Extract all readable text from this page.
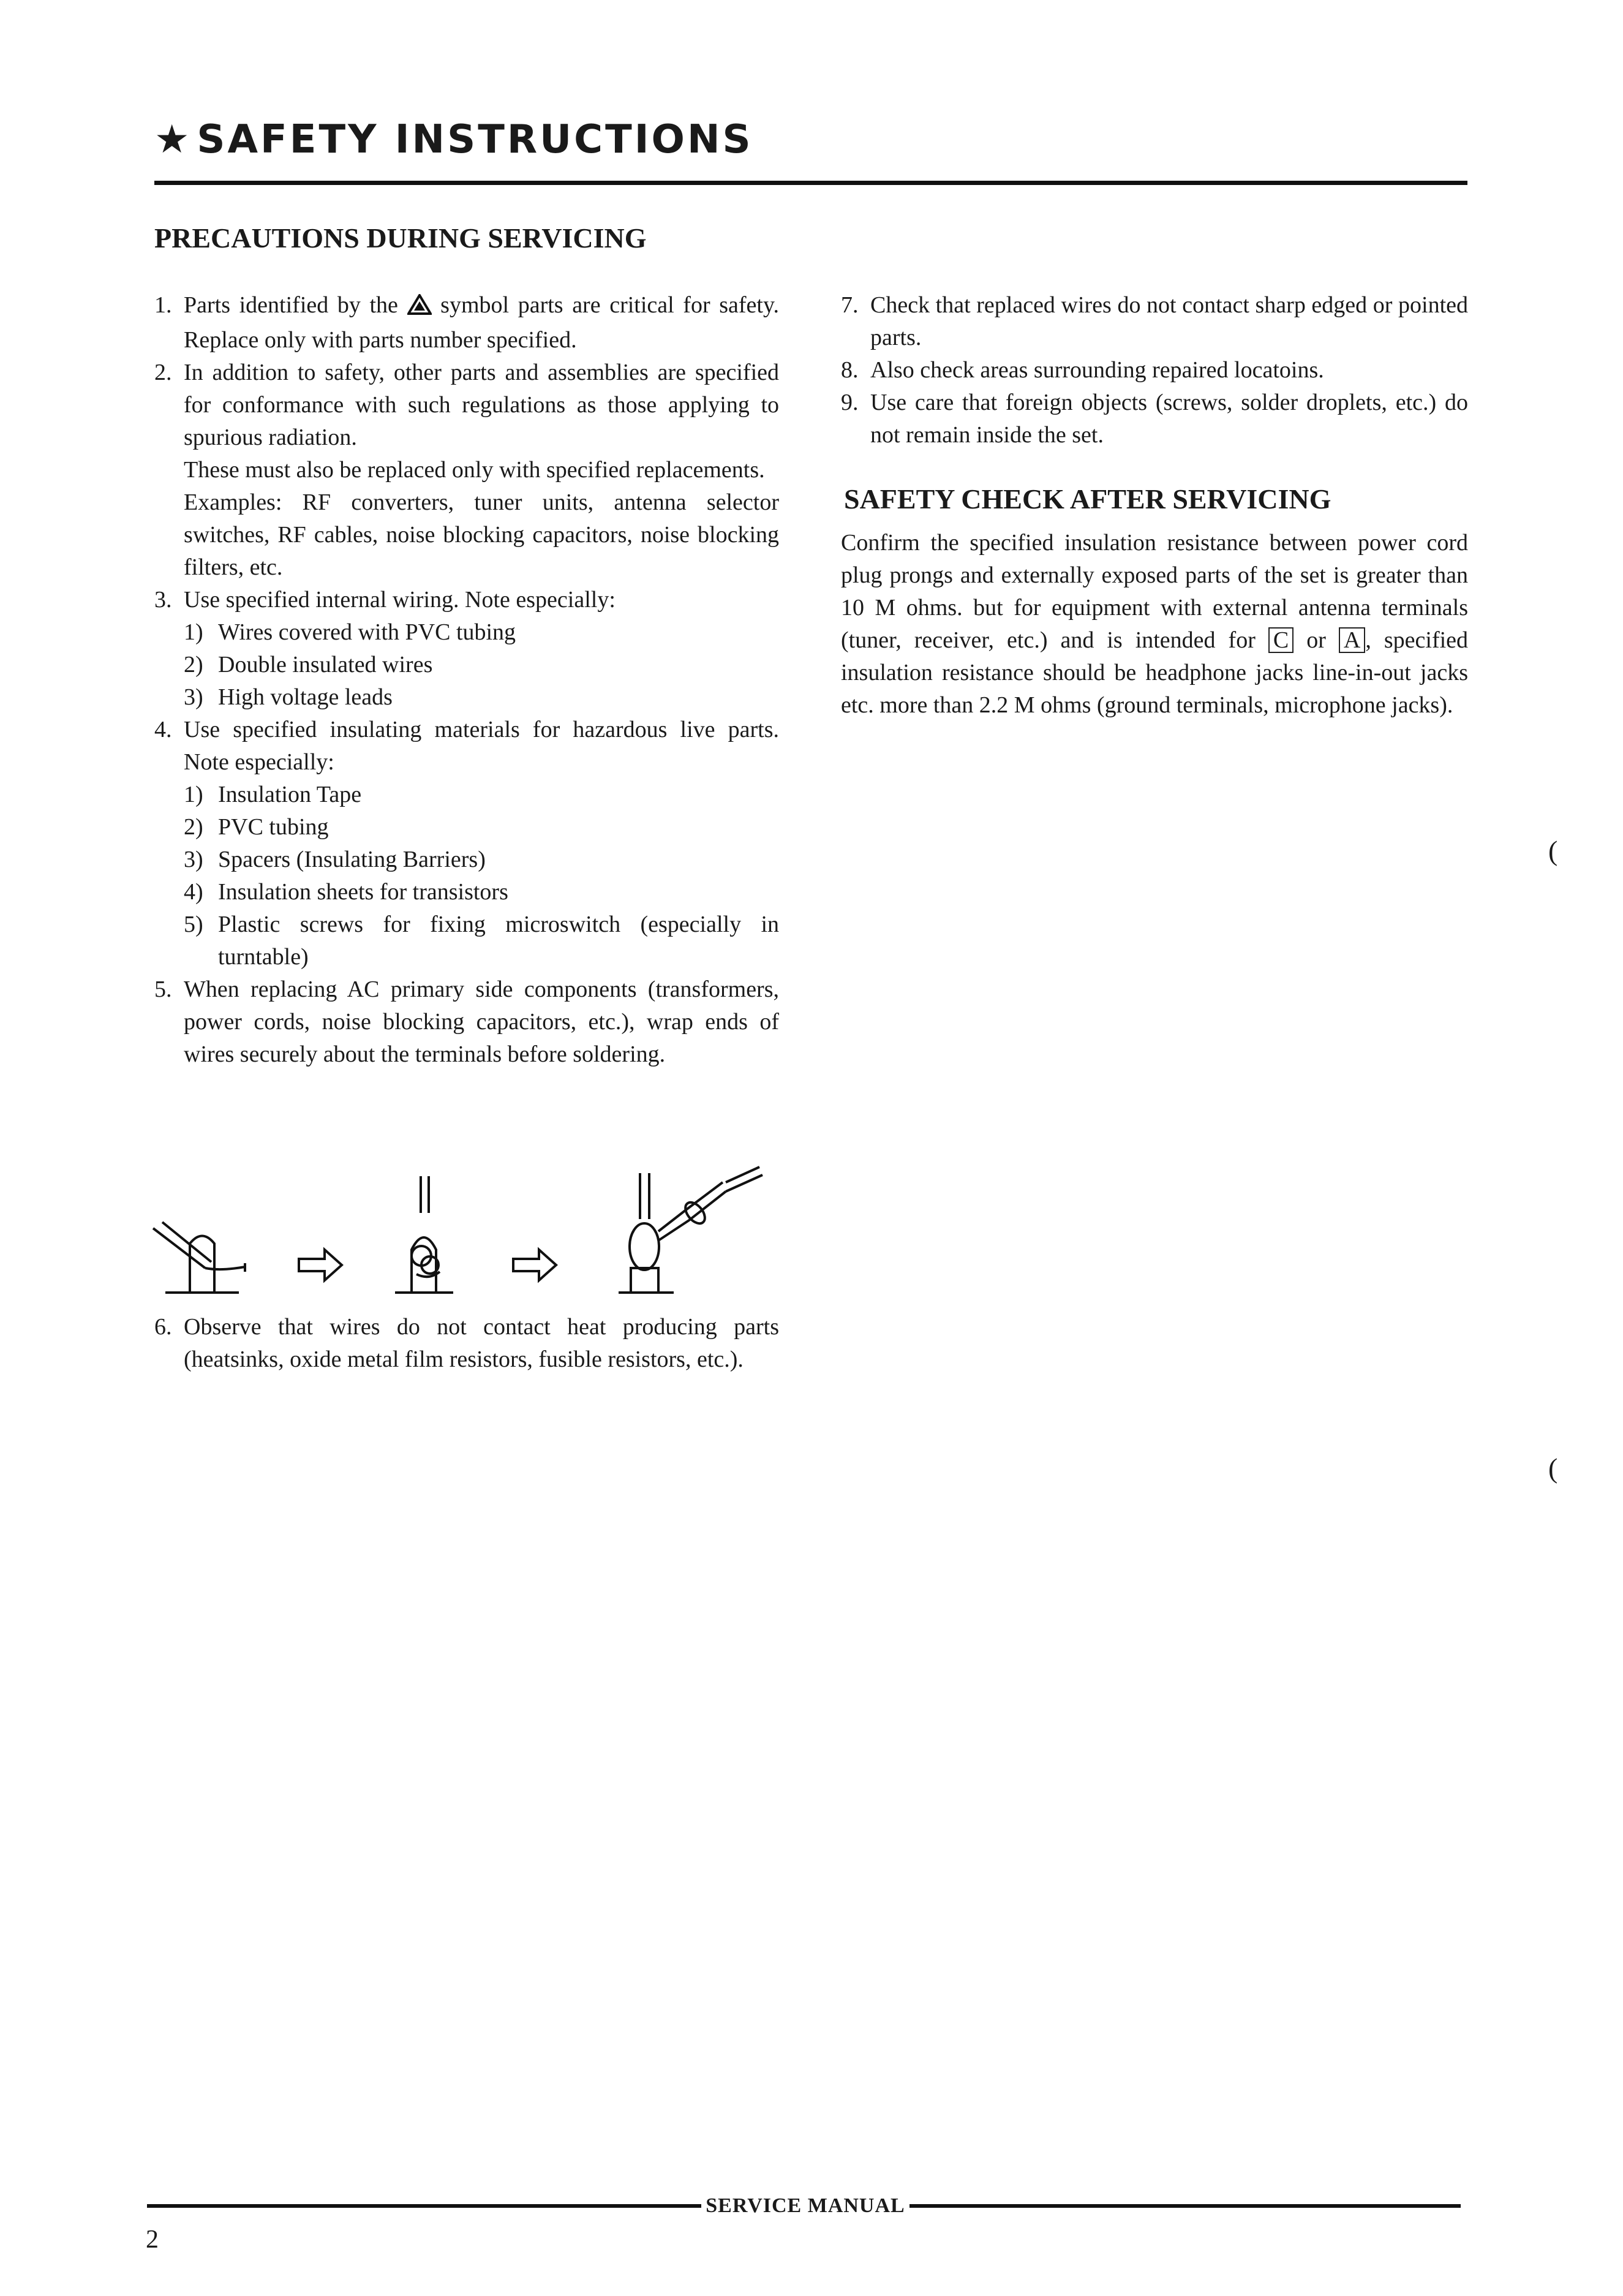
★ SAFETY INSTRUCTIONS
PRECAUTIONS DURING SERVICING
1. Parts identified by the symbol parts are critical for safety. Replace only with parts number specified.
2. In addition to safety, other parts and assemblies are specified for conformance with such regulations as those applying to spurious radiation.
These must also be replaced only with specified replacements.
Examples: RF converters, tuner units, antenna selector switches, RF cables, noise blocking capacitors, noise blocking filters, etc.
3. Use specified internal wiring. Note especially:
1) Wires covered with PVC tubing
2) Double insulated wires
3) High voltage leads
4. Use specified insulating materials for hazardous live parts. Note especially:
1) Insulation Tape
2) PVC tubing
3) Spacers (Insulating Barriers)
4) Insulation sheets for transistors
5) Plastic screws for fixing microswitch (especially in turntable)
5. When replacing AC primary side components (transformers, power cords, noise blocking capacitors, etc.), wrap ends of wires securely about the terminals before soldering.
6. Observe that wires do not contact heat producing parts (heatsinks, oxide metal film resistors, fusible resistors, etc.).
7. Check that replaced wires do not contact sharp edged or pointed parts.
8. Also check areas surrounding repaired locatoins.
9. Use care that foreign objects (screws, solder droplets, etc.) do not remain inside the set.
SAFETY CHECK AFTER SERVICING
Confirm the specified insulation resistance between power cord plug prongs and externally exposed parts of the set is greater than 10 M ohms. but for equipment with external antenna terminals (tuner, receiver, etc.) and is intended for C or A , specified insulation resistance should be headphone jacks line-in-out jacks etc. more than 2.2 M ohms (ground terminals, microphone jacks).
(
(
SERVICE MANUAL
2
